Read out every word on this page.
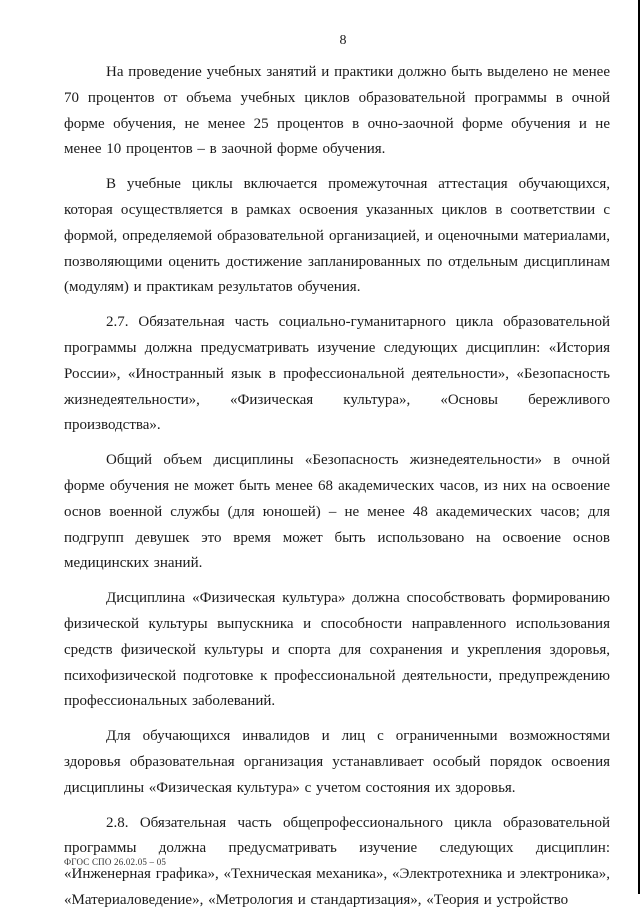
8

На проведение учебных занятий и практики должно быть выделено не менее 70 процентов от объема учебных циклов образовательной программы в очной форме обучения, не менее 25 процентов в очно-заочной форме обучения и не менее 10 процентов – в заочной форме обучения.

В учебные циклы включается промежуточная аттестация обучающихся, которая осуществляется в рамках освоения указанных циклов в соответствии с формой, определяемой образовательной организацией, и оценочными материалами, позволяющими оценить достижение запланированных по отдельным дисциплинам (модулям) и практикам результатов обучения.

2.7. Обязательная часть социально-гуманитарного цикла образовательной программы должна предусматривать изучение следующих дисциплин: «История России», «Иностранный язык в профессиональной деятельности», «Безопасность жизнедеятельности», «Физическая культура», «Основы бережливого производства».

Общий объем дисциплины «Безопасность жизнедеятельности» в очной форме обучения не может быть менее 68 академических часов, из них на освоение основ военной службы (для юношей) – не менее 48 академических часов; для подгрупп девушек это время может быть использовано на освоение основ медицинских знаний.

Дисциплина «Физическая культура» должна способствовать формированию физической культуры выпускника и способности направленного использования средств физической культуры и спорта для сохранения и укрепления здоровья, психофизической подготовке к профессиональной деятельности, предупреждению профессиональных заболеваний.

Для обучающихся инвалидов и лиц с ограниченными возможностями здоровья образовательная организация устанавливает особый порядок освоения дисциплины «Физическая культура» с учетом состояния их здоровья.

2.8. Обязательная часть общепрофессионального цикла образовательной программы должна предусматривать изучение следующих дисциплин: «Инженерная графика», «Техническая механика», «Электротехника и электроника», «Материаловедение», «Метрология и стандартизация», «Теория и устройство

ФГОС СПО 26.02.05 – 05
